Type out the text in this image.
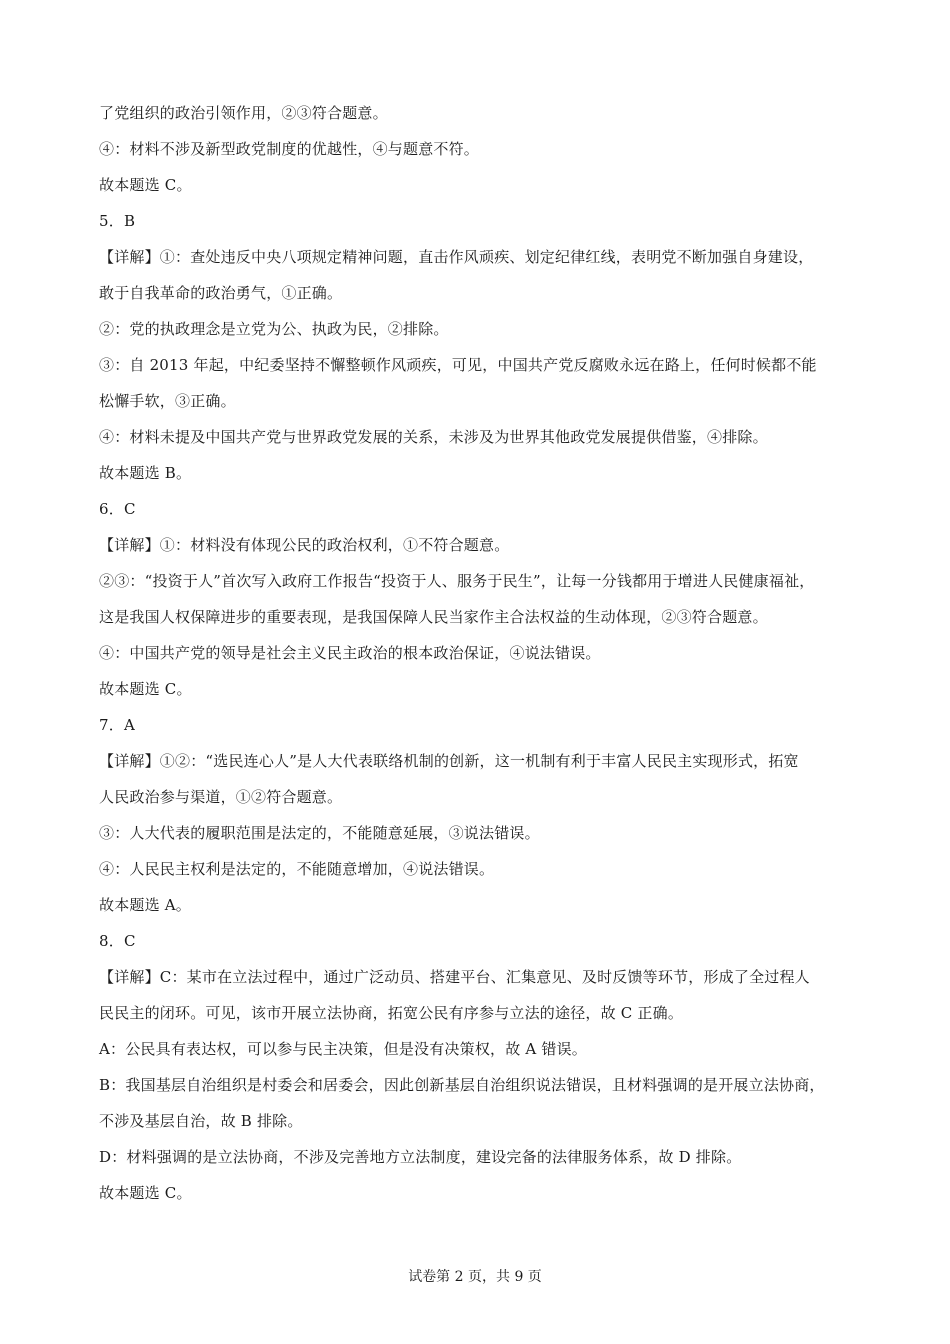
了党组织的政治引领作用，②③符合题意。
④：材料不涉及新型政党制度的优越性，④与题意不符。
故本题选 C。
5．B
【详解】①：查处违反中央八项规定精神问题，直击作风顽疾、划定纪律红线，表明党不断加强自身建设，
敢于自我革命的政治勇气，①正确。
②：党的执政理念是立党为公、执政为民，②排除。
③：自 2013 年起，中纪委坚持不懈整顿作风顽疾，可见，中国共产党反腐败永远在路上，任何时候都不能
松懈手软，③正确。
④：材料未提及中国共产党与世界政党发展的关系，未涉及为世界其他政党发展提供借鉴，④排除。
故本题选 B。
6．C
【详解】①：材料没有体现公民的政治权利，①不符合题意。
②③：“投资于人”首次写入政府工作报告“投资于人、服务于民生”，让每一分钱都用于增进人民健康福祉，
这是我国人权保障进步的重要表现，是我国保障人民当家作主合法权益的生动体现，②③符合题意。
④：中国共产党的领导是社会主义民主政治的根本政治保证，④说法错误。
故本题选 C。
7．A
【详解】①②：“选民连心人”是人大代表联络机制的创新，这一机制有利于丰富人民民主实现形式，拓宽
人民政治参与渠道，①②符合题意。
③：人大代表的履职范围是法定的，不能随意延展，③说法错误。
④：人民民主权利是法定的，不能随意增加，④说法错误。
故本题选 A。
8．C
【详解】C：某市在立法过程中，通过广泛动员、搭建平台、汇集意见、及时反馈等环节，形成了全过程人
民民主的闭环。可见，该市开展立法协商，拓宽公民有序参与立法的途径，故 C 正确。
A：公民具有表达权，可以参与民主决策，但是没有决策权，故 A 错误。
B：我国基层自治组织是村委会和居委会，因此创新基层自治组织说法错误，且材料强调的是开展立法协商，
不涉及基层自治，故 B 排除。
D：材料强调的是立法协商，不涉及完善地方立法制度，建设完备的法律服务体系，故 D 排除。
故本题选 C。
试卷第 2 页，共 9 页
